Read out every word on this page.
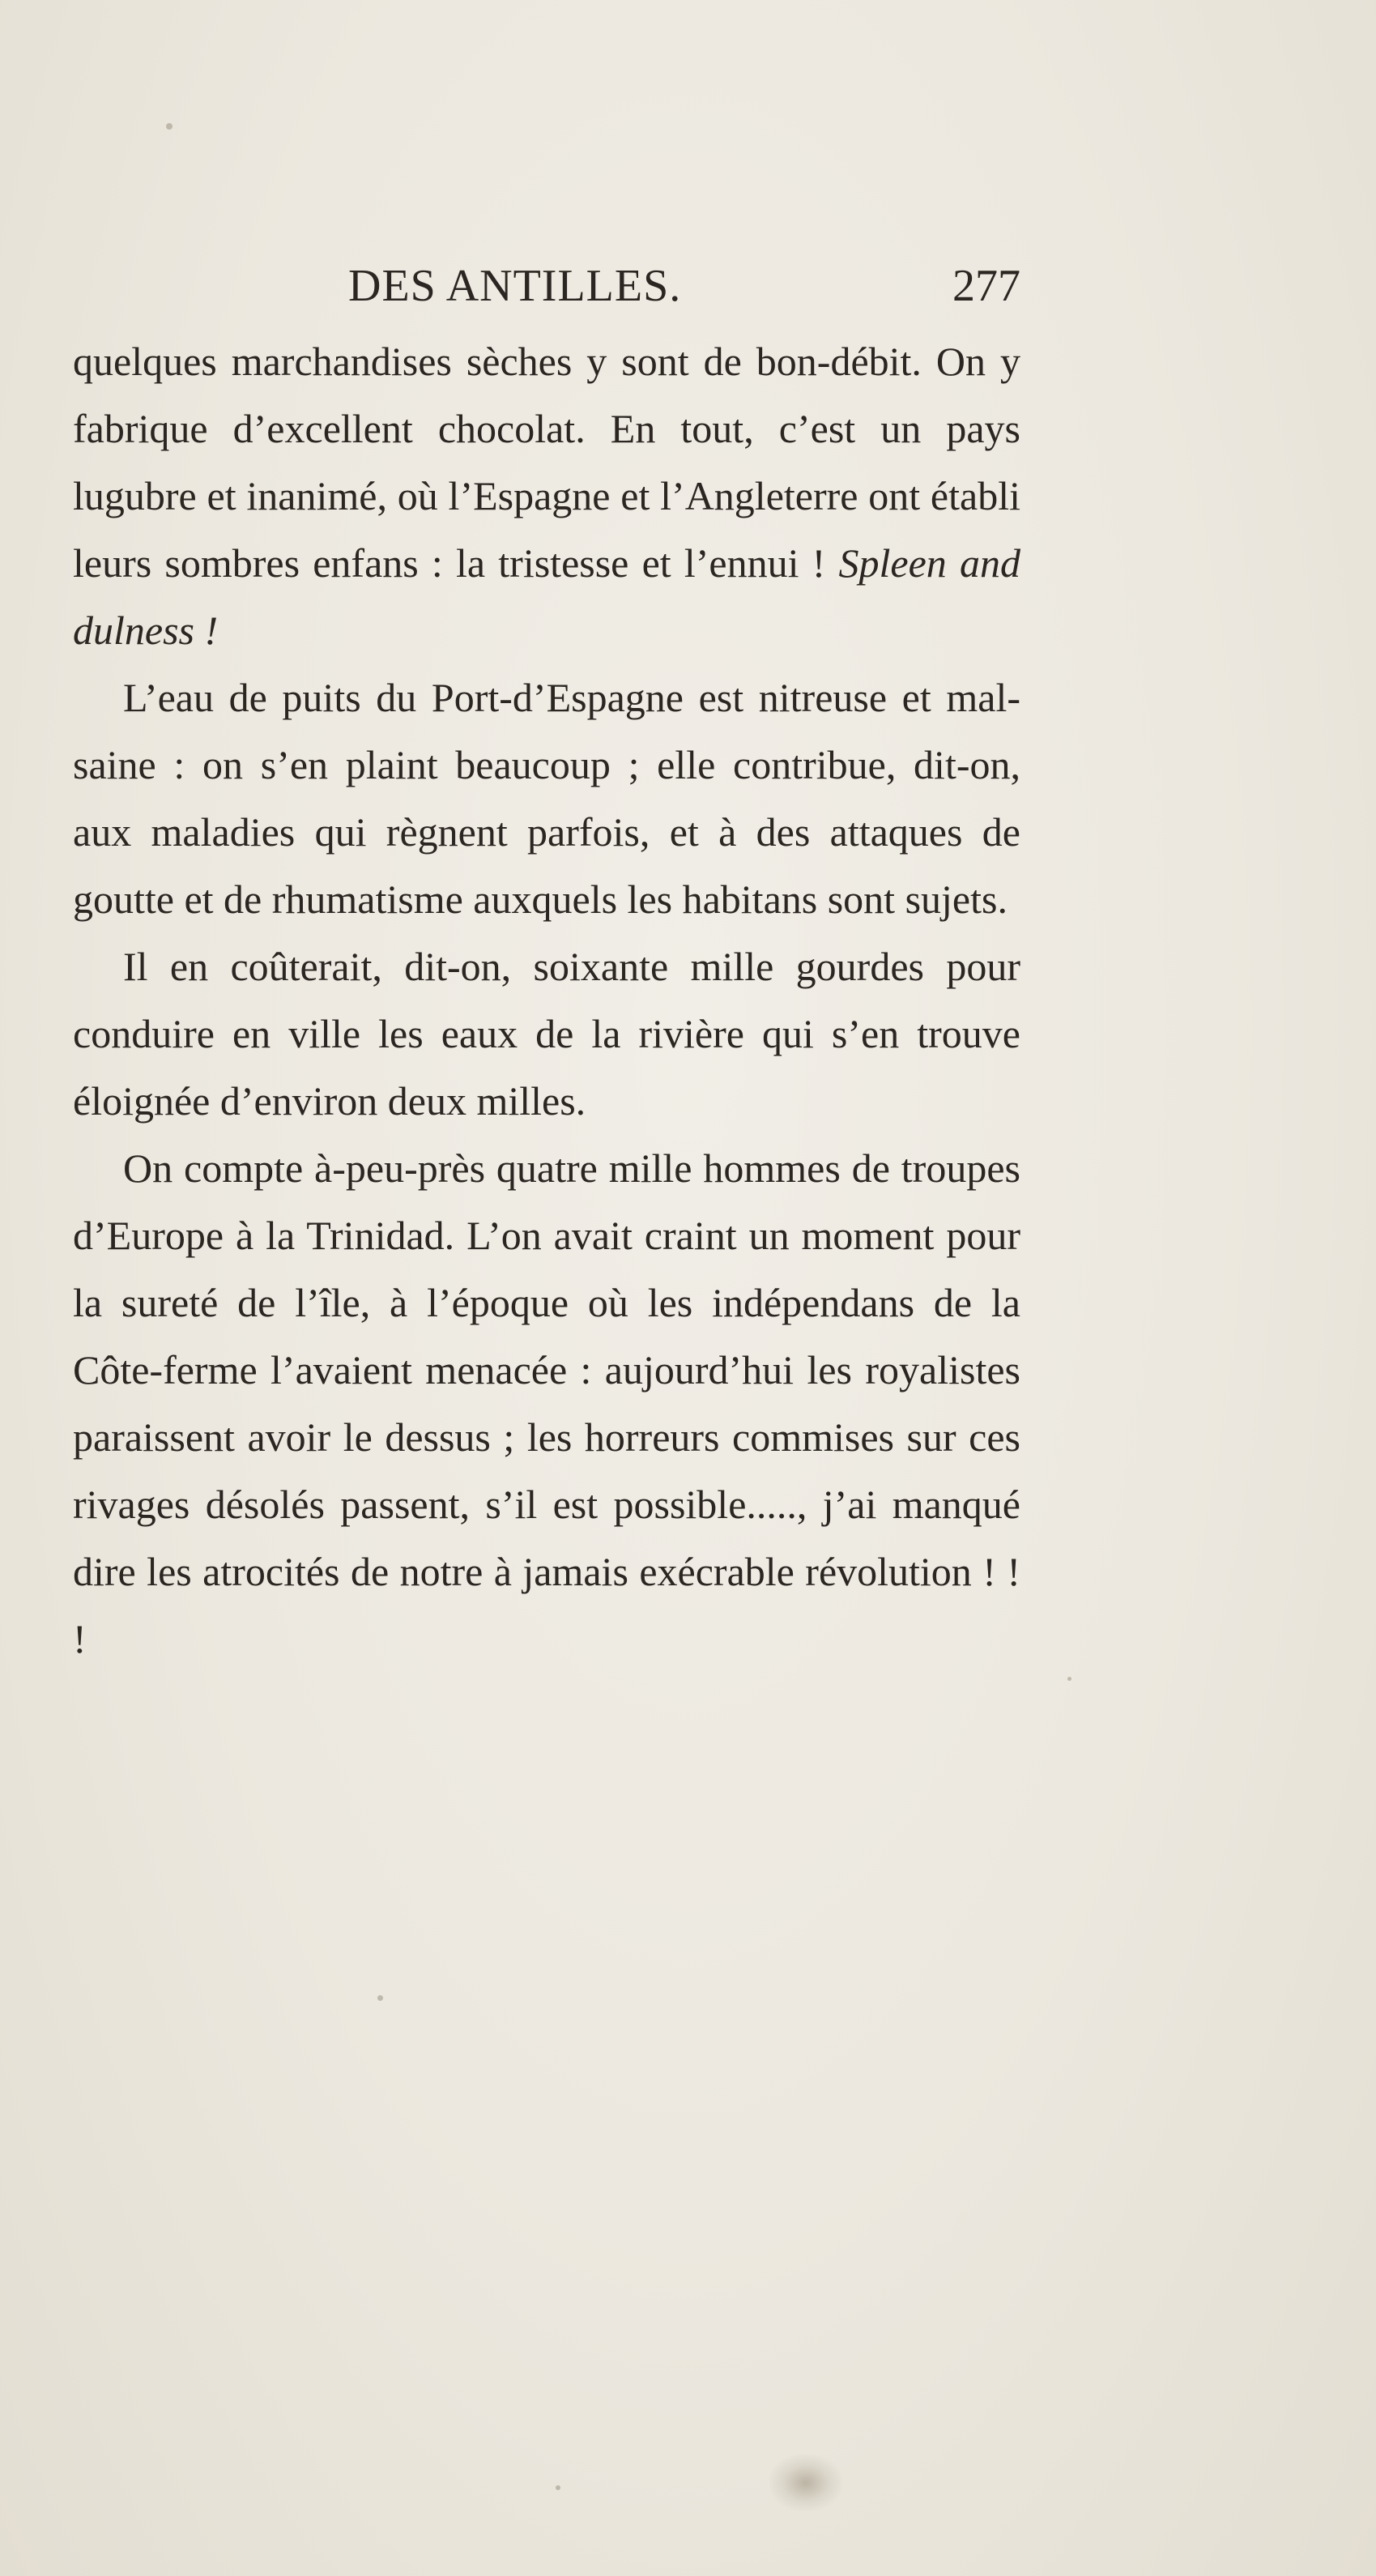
DES ANTILLES.	277

quelques marchandises sèches y sont de bon-débit. On y fabrique d’excellent chocolat. En tout, c’est un pays lugubre et inanimé, où l’Espagne et l’Angleterre ont établi leurs sombres enfans : la tristesse et l’ennui ! Spleen and dulness !

L’eau de puits du Port-d’Espagne est nitreuse et mal-saine : on s’en plaint beaucoup ; elle contribue, dit-on, aux maladies qui règnent parfois, et à des attaques de goutte et de rhumatisme auxquels les habitans sont sujets.

Il en coûterait, dit-on, soixante mille gourdes pour conduire en ville les eaux de la rivière qui s’en trouve éloignée d’environ deux milles.

On compte à-peu-près quatre mille hommes de troupes d’Europe à la Trinidad. L’on avait craint un moment pour la sureté de l’île, à l’époque où les indépendans de la Côte-ferme l’avaient menacée : aujourd’hui les royalistes paraissent avoir le dessus ; les horreurs commises sur ces rivages désolés passent, s’il est possible....., j’ai manqué dire les atrocités de notre à jamais exécrable révolution ! ! !
